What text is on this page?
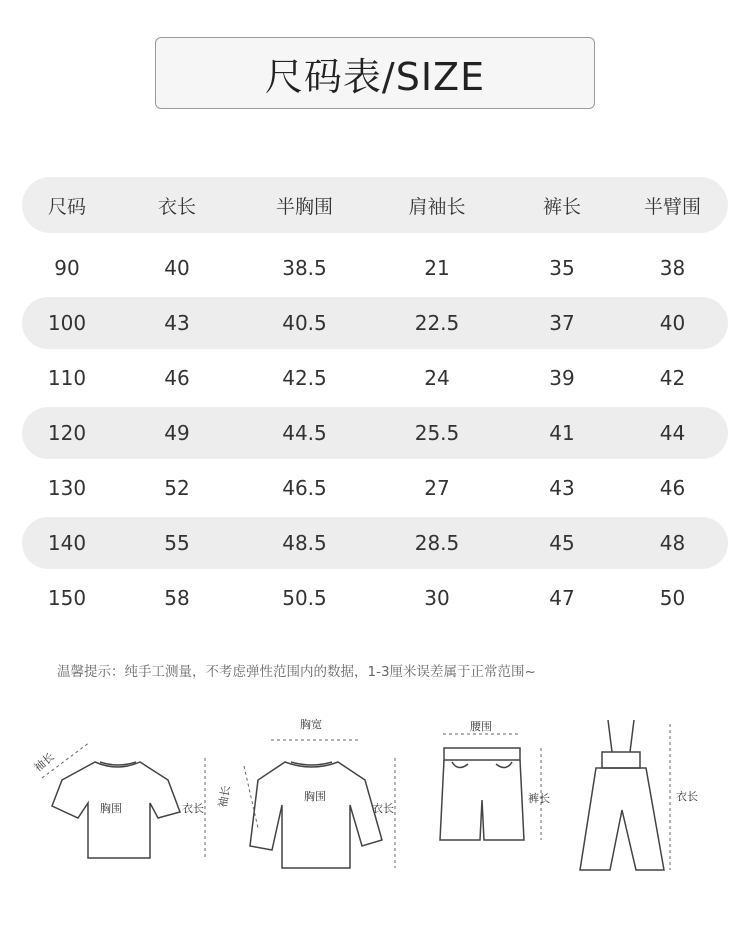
尺码表/SIZE
尺码	衣长	半胸围	肩袖长	裤长	半臂围
90	40	38.5	21	35	38
100	43	40.5	22.5	37	40
110	46	42.5	24	39	42
120	49	44.5	25.5	41	44
130	52	46.5	27	43	46
140	55	48.5	28.5	45	48
150	58	50.5	30	47	50
温馨提示：纯手工测量，不考虑弹性范围内的数据，1-3厘米误差属于正常范围~
胸围	衣长
袖长
胸宽
胸围
衣长
袖长
腰围
裤长	衣长
